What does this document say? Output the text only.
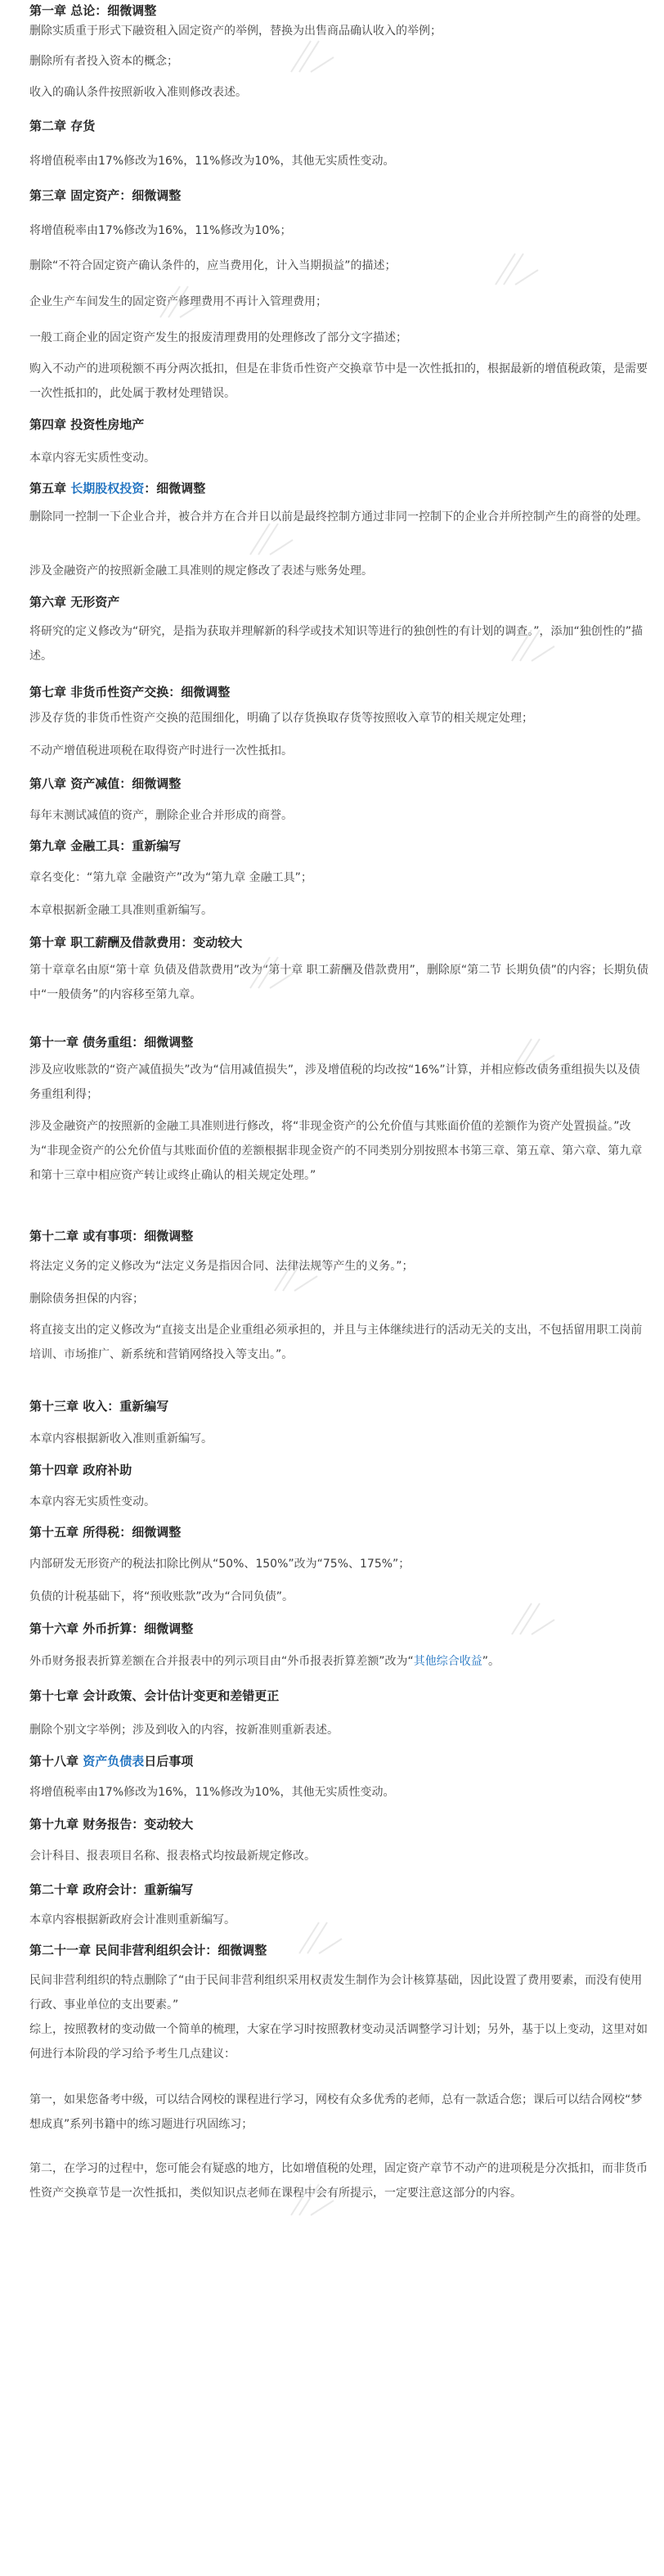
第一章 总论：细微调整

删除实质重于形式下融资租入固定资产的举例，替换为出售商品确认收入的举例；

删除所有者投入资本的概念；

收入的确认条件按照新收入准则修改表述。

第二章 存货

将增值税率由17%修改为16%，11%修改为10%，其他无实质性变动。

第三章 固定资产：细微调整

将增值税率由17%修改为16%，11%修改为10%；

删除“不符合固定资产确认条件的，应当费用化，计入当期损益”的描述；

企业生产车间发生的固定资产修理费用不再计入管理费用；

一般工商企业的固定资产发生的报废清理费用的处理修改了部分文字描述；

购入不动产的进项税额不再分两次抵扣，但是在非货币性资产交换章节中是一次性抵扣的，根据最新的增值税政策，是需要一次性抵扣的，此处属于教材处理错误。

第四章 投资性房地产

本章内容无实质性变动。

第五章 长期股权投资：细微调整

删除同一控制一下企业合并，被合并方在合并日以前是最终控制方通过非同一控制下的企业合并所控制产生的商誉的处理。

涉及金融资产的按照新金融工具准则的规定修改了表述与账务处理。

第六章 无形资产

将研究的定义修改为“研究，是指为获取并理解新的科学或技术知识等进行的独创性的有计划的调查。”，添加“独创性的”描述。

第七章 非货币性资产交换：细微调整

涉及存货的非货币性资产交换的范围细化，明确了以存货换取存货等按照收入章节的相关规定处理；

不动产增值税进项税在取得资产时进行一次性抵扣。

第八章 资产减值：细微调整

每年末测试减值的资产，删除企业合并形成的商誉。

第九章 金融工具：重新编写

章名变化：“第九章 金融资产”改为“第九章 金融工具”；

本章根据新金融工具准则重新编写。

第十章 职工薪酬及借款费用：变动较大

第十章章名由原“第十章 负债及借款费用”改为“第十章 职工薪酬及借款费用”，删除原“第二节 长期负债”的内容；长期负债中“一般债务”的内容移至第九章。

第十一章 债务重组：细微调整

涉及应收账款的“资产减值损失”改为“信用减值损失”，涉及增值税的均改按“16%”计算，并相应修改债务重组损失以及债务重组利得；

涉及金融资产的按照新的金融工具准则进行修改，将“非现金资产的公允价值与其账面价值的差额作为资产处置损益。”改为“非现金资产的公允价值与其账面价值的差额根据非现金资产的不同类别分别按照本书第三章、第五章、第六章、第九章和第十三章中相应资产转让或终止确认的相关规定处理。”

第十二章 或有事项：细微调整

将法定义务的定义修改为“法定义务是指因合同、法律法规等产生的义务。”；

删除债务担保的内容；

将直接支出的定义修改为“直接支出是企业重组必须承担的，并且与主体继续进行的活动无关的支出，不包括留用职工岗前培训、市场推广、新系统和营销网络投入等支出。”。

第十三章 收入：重新编写

本章内容根据新收入准则重新编写。

第十四章 政府补助

本章内容无实质性变动。

第十五章 所得税：细微调整

内部研发无形资产的税法扣除比例从“50%、150%”改为“75%、175%”；

负债的计税基础下，将“预收账款”改为“合同负债”。

第十六章 外币折算：细微调整

外币财务报表折算差额在合并报表中的列示项目由“外币报表折算差额”改为“其他综合收益”。

第十七章 会计政策、会计估计变更和差错更正

删除个别文字举例；涉及到收入的内容，按新准则重新表述。

第十八章 资产负债表日后事项

将增值税率由17%修改为16%，11%修改为10%，其他无实质性变动。

第十九章 财务报告：变动较大

会计科目、报表项目名称、报表格式均按最新规定修改。

第二十章 政府会计：重新编写

本章内容根据新政府会计准则重新编写。

第二十一章 民间非营利组织会计：细微调整

民间非营利组织的特点删除了“由于民间非营利组织采用权责发生制作为会计核算基础，因此设置了费用要素，而没有使用行政、事业单位的支出要素。”

综上，按照教材的变动做一个简单的梳理，大家在学习时按照教材变动灵活调整学习计划；另外，基于以上变动，这里对如何进行本阶段的学习给予考生几点建议：

第一，如果您备考中级，可以结合网校的课程进行学习，网校有众多优秀的老师，总有一款适合您；课后可以结合网校“梦想成真”系列书籍中的练习题进行巩固练习；

第二，在学习的过程中，您可能会有疑惑的地方，比如增值税的处理，固定资产章节不动产的进项税是分次抵扣，而非货币性资产交换章节是一次性抵扣，类似知识点老师在课程中会有所提示，一定要注意这部分的内容。
